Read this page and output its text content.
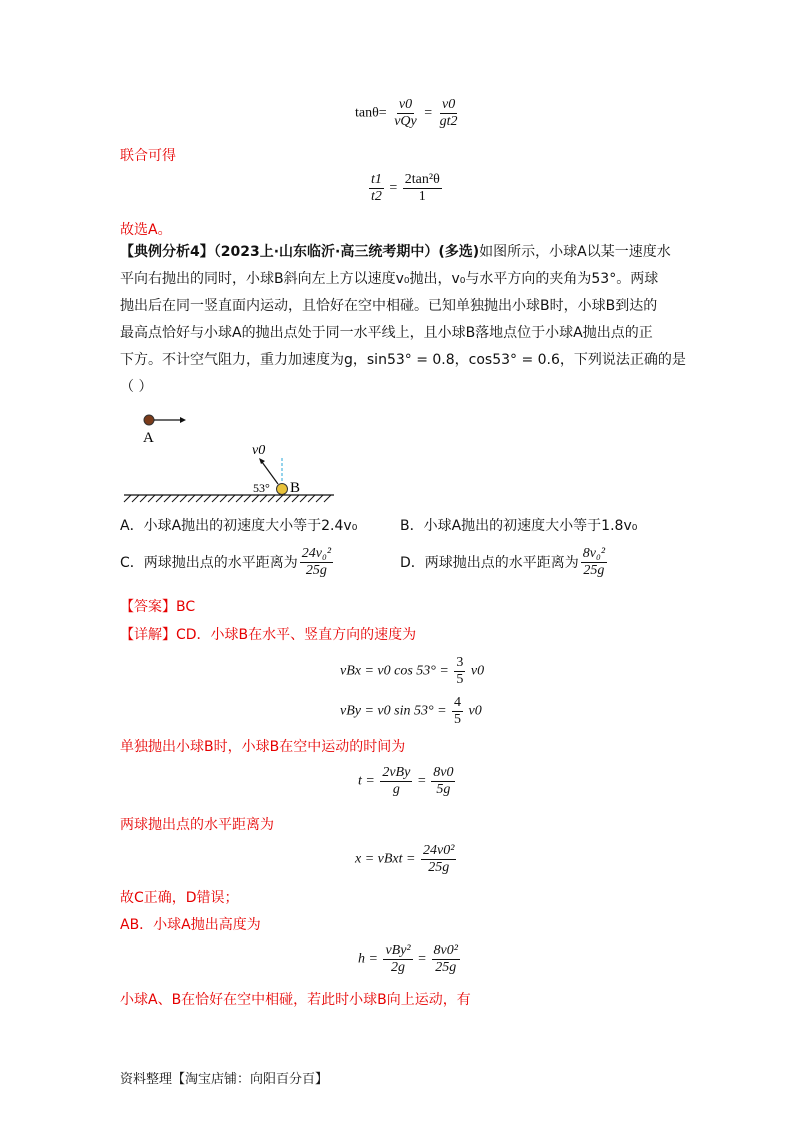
$\tan\theta= \frac{v0}{\text{vQy}} = \frac{v0}{gt2}$
联合可得
$\frac{t1}{t2} = \frac{\text{2tan²θ}}{1}$
故选A。
【典例分析4】（2023上·山东临沂·高三统考期中）(多选)如图所示，小球A以某一速度水
平向右抛出的同时，小球B斜向左上方以速度v₀抛出，v₀与水平方向的夹角为53°。两球
抛出后在同一竖直面内运动，且恰好在空中相碰。已知单独抛出小球B时，小球B到达的
最高点恰好与小球A的抛出点处于同一水平线上，且小球B落地点位于小球A抛出点的正
下方。不计空气阻力，重力加速度为g，sin53° = 0.8，cos53° = 0.6，下列说法正确的是
（ ）
A
v0
53° B
A．小球A抛出的初速度大小等于2.4v₀	B．小球A抛出的初速度大小等于1.8v₀
C．两球抛出点的水平距离为 $\frac{\text{24v₀²}}{25g}$	D．两球抛出点的水平距离为 $\frac{\text{8v₀²}}{25g}$
【答案】BC
【详解】CD．小球B在水平、竖直方向的速度为
vBx = v0 $\cos 53^\circ = \frac{3}{5} v0$
vBy = v0 $\sin 53^\circ = \frac{4}{5} v0$
单独抛出小球B时，小球B在空中运动的时间为
$t = \frac{\text{2vBy}}{g} = \frac{8v0}{5g}$
两球抛出点的水平距离为
x = vBxt = $\frac{\text{24v0²}}{25g}$
故C正确，D错误；
AB．小球A抛出高度为
$h = \frac{\text{vBy²}}{2g} = \frac{\text{8v0²}}{25g}$
小球A、B在恰好在空中相碰，若此时小球B向上运动，有
资料整理【淘宝店铺：向阳百分百】
